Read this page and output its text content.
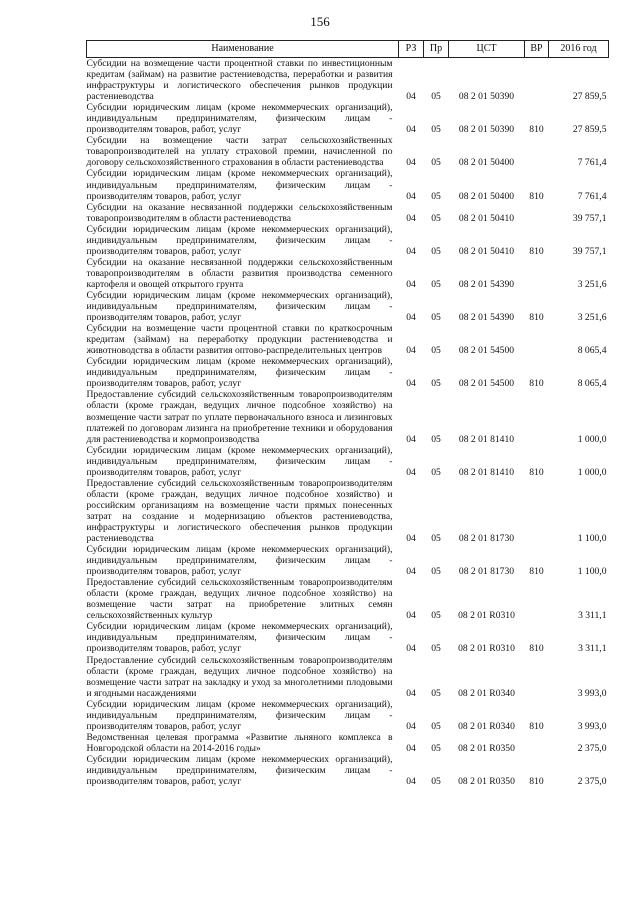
156
Наименование	РЗ	Пр	ЦСТ	ВР	2016 год
Субсидии на возмещение части процентной ставки по инвестиционным кредитам (займам) на развитие растениеводства, переработки и развития инфраструктуры и логистического обеспечения рынков продукции растениеводства	04	05	08 2 01 50390		27 859,5
Субсидии юридическим лицам (кроме некоммерческих организаций), индивидуальным предпринимателям, физическим лицам - производителям товаров, работ, услуг	04	05	08 2 01 50390	810	27 859,5
Субсидии на возмещение части затрат сельскохозяйственных товаропроизводителей на уплату страховой премии, начисленной по договору сельскохозяйственного страхования в области растениеводства	04	05	08 2 01 50400		7 761,4
Субсидии юридическим лицам (кроме некоммерческих организаций), индивидуальным предпринимателям, физическим лицам - производителям товаров, работ, услуг	04	05	08 2 01 50400	810	7 761,4
Субсидии на оказание несвязанной поддержки сельскохозяйственным товаропроизводителям в области растениеводства	04	05	08 2 01 50410		39 757,1
Субсидии юридическим лицам (кроме некоммерческих организаций), индивидуальным предпринимателям, физическим лицам - производителям товаров, работ, услуг	04	05	08 2 01 50410	810	39 757,1
Субсидии на оказание несвязанной поддержки сельскохозяйственным товаропроизводителям в области развития производства семенного картофеля и овощей открытого грунта	04	05	08 2 01 54390		3 251,6
Субсидии юридическим лицам (кроме некоммерческих организаций), индивидуальным предпринимателям, физическим лицам - производителям товаров, работ, услуг	04	05	08 2 01 54390	810	3 251,6
Субсидии на возмещение части процентной ставки по краткосрочным кредитам (займам) на переработку продукции растениеводства и животноводства в области развития оптово-распределительных центров	04	05	08 2 01 54500		8 065,4
Субсидии юридическим лицам (кроме некоммерческих организаций), индивидуальным предпринимателям, физическим лицам - производителям товаров, работ, услуг	04	05	08 2 01 54500	810	8 065,4
Предоставление субсидий сельскохозяйственным товаропроизводителям области (кроме граждан, ведущих личное подсобное хозяйство) на возмещение части затрат по уплате первоначального взноса и лизинговых платежей по договорам лизинга на приобретение техники и оборудования для растениеводства и кормопроизводства	04	05	08 2 01 81410		1 000,0
Субсидии юридическим лицам (кроме некоммерческих организаций), индивидуальным предпринимателям, физическим лицам - производителям товаров, работ, услуг	04	05	08 2 01 81410	810	1 000,0
Предоставление субсидий сельскохозяйственным товаропроизводителям области (кроме граждан, ведущих личное подсобное хозяйство) и российским организациям на возмещение части прямых понесенных затрат на создание и модернизацию объектов растениеводства, инфраструктуры и логистического обеспечения рынков продукции растениеводства	04	05	08 2 01 81730		1 100,0
Субсидии юридическим лицам (кроме некоммерческих организаций), индивидуальным предпринимателям, физическим лицам - производителям товаров, работ, услуг	04	05	08 2 01 81730	810	1 100,0
Предоставление субсидий сельскохозяйственным товаропроизводителям области (кроме граждан, ведущих личное подсобное хозяйство) на возмещение части затрат на приобретение элитных семян сельскохозяйственных культур	04	05	08 2 01 R0310		3 311,1
Субсидии юридическим лицам (кроме некоммерческих организаций), индивидуальным предпринимателям, физическим лицам - производителям товаров, работ, услуг	04	05	08 2 01 R0310	810	3 311,1
Предоставление субсидий сельскохозяйственным товаропроизводителям области (кроме граждан, ведущих личное подсобное хозяйство) на возмещение части затрат на закладку и уход за многолетними плодовыми и ягодными насаждениями	04	05	08 2 01 R0340		3 993,0
Субсидии юридическим лицам (кроме некоммерческих организаций), индивидуальным предпринимателям, физическим лицам - производителям товаров, работ, услуг	04	05	08 2 01 R0340	810	3 993,0
Ведомственная целевая программа «Развитие льняного комплекса в Новгородской области на 2014-2016 годы»	04	05	08 2 01 R0350		2 375,0
Субсидии юридическим лицам (кроме некоммерческих организаций), индивидуальным предпринимателям, физическим лицам - производителям товаров, работ, услуг	04	05	08 2 01 R0350	810	2 375,0
